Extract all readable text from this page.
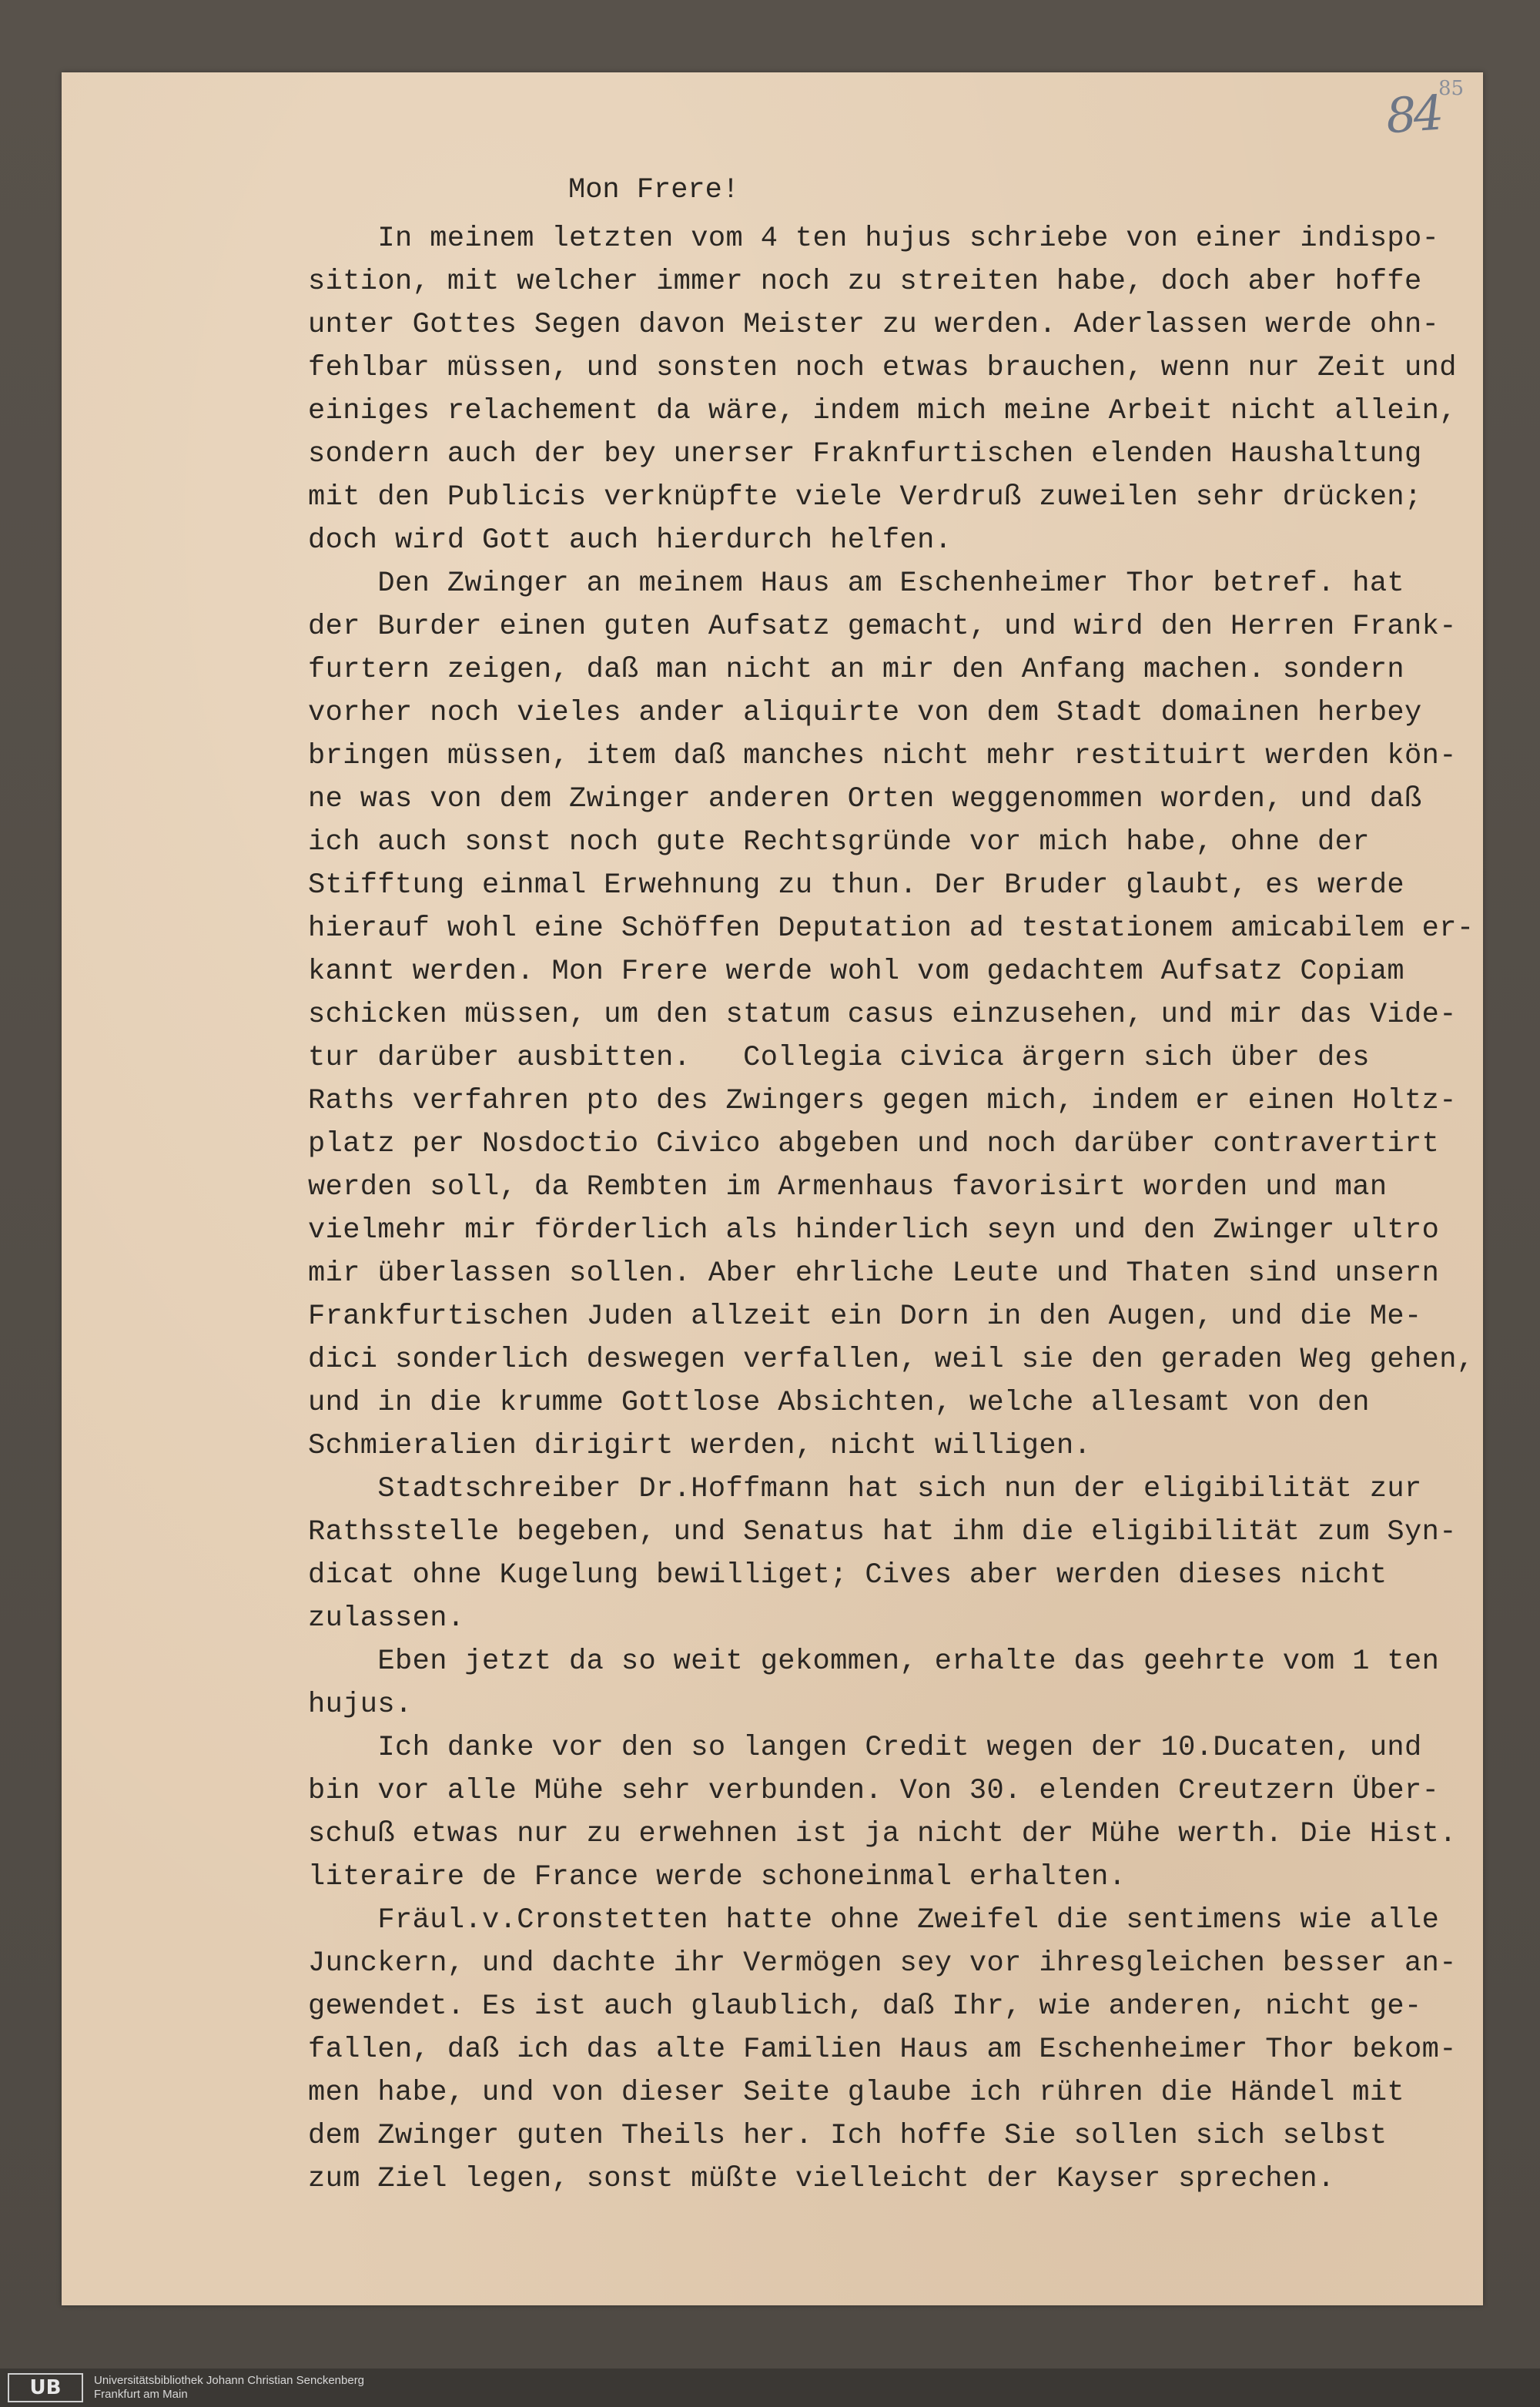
84
85
Mon Frere!
In meinem letzten vom 4 ten hujus schriebe von einer indispo-
sition, mit welcher immer noch zu streiten habe, doch aber hoffe
unter Gottes Segen davon Meister zu werden. Aderlassen werde ohn-
fehlbar müssen, und sonsten noch etwas brauchen, wenn nur Zeit und
einiges relachement da wäre, indem mich meine Arbeit nicht allein,
sondern auch der bey unerser Fraknfurtischen elenden Haushaltung
mit den Publicis verknüpfte viele Verdruß zuweilen sehr drücken;
doch wird Gott auch hierdurch helfen.
Den Zwinger an meinem Haus am Eschenheimer Thor betref. hat
der Burder einen guten Aufsatz gemacht, und wird den Herren Frank-
furtern zeigen, daß man nicht an mir den Anfang machen. sondern
vorher noch vieles ander aliquirte von dem Stadt domainen herbey
bringen müssen, item daß manches nicht mehr restituirt werden kön-
ne was von dem Zwinger anderen Orten weggenommen worden, und daß
ich auch sonst noch gute Rechtsgründe vor mich habe, ohne der
Stifftung einmal Erwehnung zu thun. Der Bruder glaubt, es werde
hierauf wohl eine Schöffen Deputation ad testationem amicabilem er-
kannt werden. Mon Frere werde wohl vom gedachtem Aufsatz Copiam
schicken müssen, um den statum casus einzusehen, und mir das Vide-
tur darüber ausbitten.   Collegia civica ärgern sich über des
Raths verfahren pto des Zwingers gegen mich, indem er einen Holtz-
platz per Nosdoctio Civico abgeben und noch darüber contravertirt
werden soll, da Rembten im Armenhaus favorisirt worden und man
vielmehr mir förderlich als hinderlich seyn und den Zwinger ultro
mir überlassen sollen. Aber ehrliche Leute und Thaten sind unsern
Frankfurtischen Juden allzeit ein Dorn in den Augen, und die Me-
dici sonderlich deswegen verfallen, weil sie den geraden Weg gehen,
und in die krumme Gottlose Absichten, welche allesamt von den
Schmieralien dirigirt werden, nicht willigen.
Stadtschreiber Dr.Hoffmann hat sich nun der eligibilität zur
Rathsstelle begeben, und Senatus hat ihm die eligibilität zum Syn-
dicat ohne Kugelung bewilliget; Cives aber werden dieses nicht
zulassen.
Eben jetzt da so weit gekommen, erhalte das geehrte vom 1 ten
hujus.
Ich danke vor den so langen Credit wegen der 10.Ducaten, und
bin vor alle Mühe sehr verbunden. Von 30. elenden Creutzern Über-
schuß etwas nur zu erwehnen ist ja nicht der Mühe werth. Die Hist.
literaire de France werde schoneinmal erhalten.
Fräul.v.Cronstetten hatte ohne Zweifel die sentimens wie alle
Junckern, und dachte ihr Vermögen sey vor ihresgleichen besser an-
gewendet. Es ist auch glaublich, daß Ihr, wie anderen, nicht ge-
fallen, daß ich das alte Familien Haus am Eschenheimer Thor bekom-
men habe, und von dieser Seite glaube ich rühren die Händel mit
dem Zwinger guten Theils her. Ich hoffe Sie sollen sich selbst
zum Ziel legen, sonst müßte vielleicht der Kayser sprechen.
UB	Universitätsbibliothek Johann Christian Senckenberg
Frankfurt am Main
